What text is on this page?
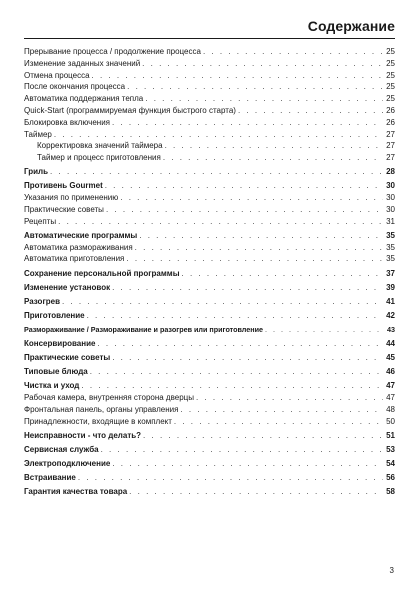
Содержание
Прерывание процесса / продолжение процесса . . .	25
Изменение заданных значений . . .	25
Отмена процесса . . .	25
После окончания процесса . . .	25
Автоматика поддержания тепла . . .	25
Quick-Start (программируемая функция быстрого старта) . . .	26
Блокировка включения . . .	26
Таймер . . .	27
Корректировка значений таймера . . .	27
Таймер и процесс приготовления . . .	27
Гриль . . .	28
Противень Gourmet . . .	30
Указания по применению . . .	30
Практические советы . . .	30
Рецепты . . .	31
Автоматические программы . . .	35
Автоматика размораживания . . .	35
Автоматика приготовления . . .	35
Сохранение персональной программы . . .	37
Изменение установок . . .	39
Разогрев . . .	41
Приготовление . . .	42
Размораживание / Размораживание и разогрев или приготовление . . .	43
Консервирование . . .	44
Практические советы . . .	45
Типовые блюда . . .	46
Чистка и уход . . .	47
Рабочая камера, внутренняя сторона дверцы . . .	47
Фронтальная панель, органы управления . . .	48
Принадлежности, входящие в комплект . . .	50
Неисправности - что делать? . . .	51
Сервисная служба . . .	53
Электроподключение . . .	54
Встраивание . . .	56
Гарантия качества товара . . .	58
3
